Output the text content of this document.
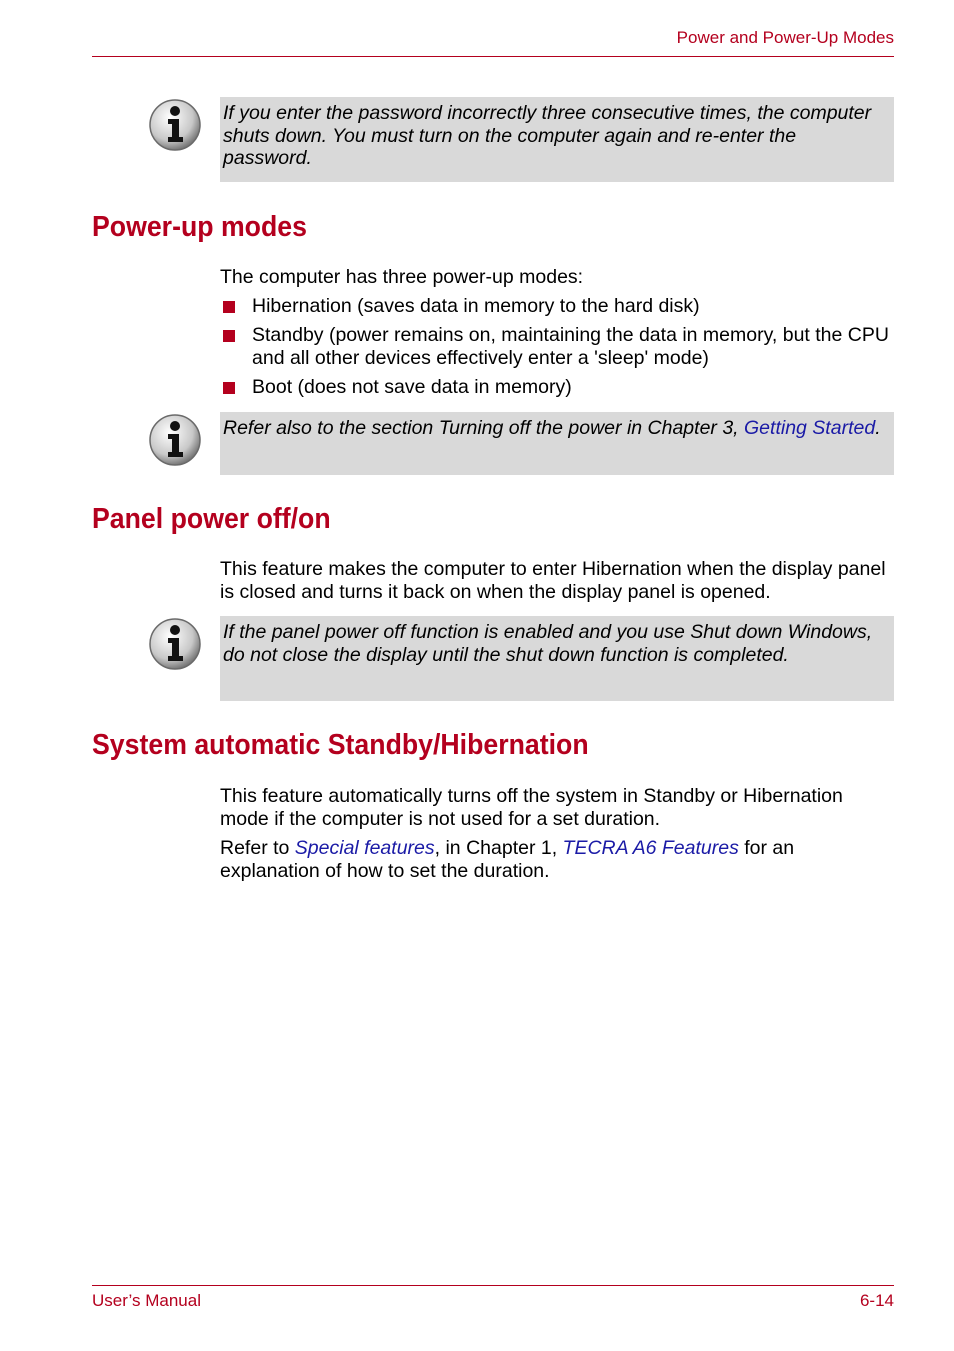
Power and Power-Up Modes
If you enter the password incorrectly three consecutive times, the computer shuts down. You must turn on the computer again and re-enter the password.
Power-up modes

The computer has three power-up modes:

Hibernation (saves data in memory to the hard disk)
Standby (power remains on, maintaining the data in memory, but the CPU and all other devices effectively enter a 'sleep' mode)
Boot (does not save data in memory)
Refer also to the section Turning off the power in Chapter 3, Getting Started.
Panel power off/on

This feature makes the computer to enter Hibernation when the display panel is closed and turns it back on when the display panel is opened.

If the panel power off function is enabled and you use Shut down Windows, do not close the display until the shut down function is completed.
System automatic Standby/Hibernation

This feature automatically turns off the system in Standby or Hibernation mode if the computer is not used for a set duration.

Refer to Special features, in Chapter 1, TECRA A6 Features for an explanation of how to set the duration.

User’s Manual	6-14
